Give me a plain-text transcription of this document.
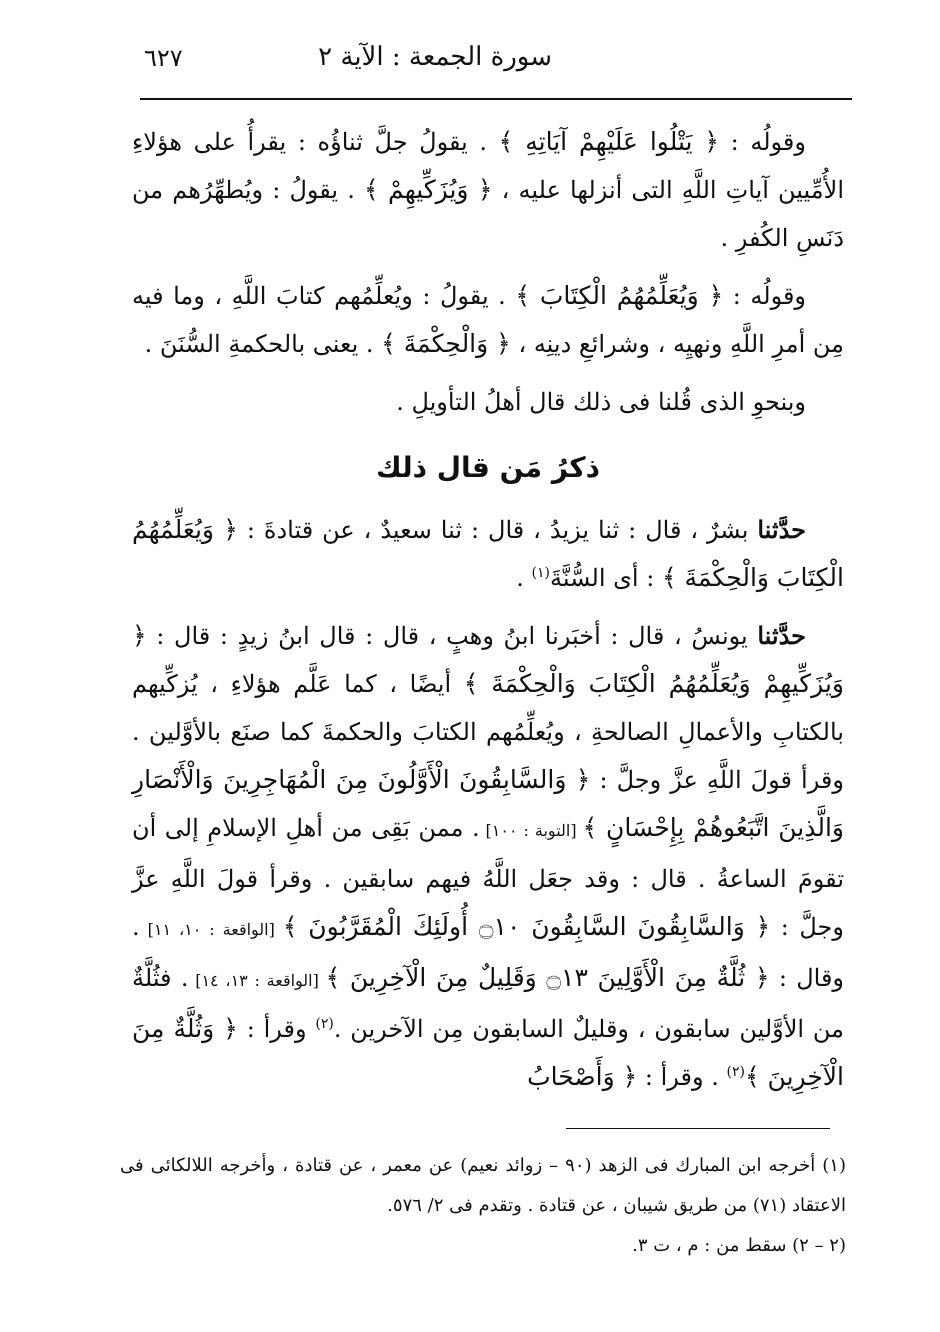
٦٢٧	سورة الجمعة : الآية ٢

وقولُه : ﴿ يَتْلُوا عَلَيْهِمْ آيَاتِهِ ﴾ . يقولُ جلَّ ثناؤُه : يقرأُ على هؤلاءِ الأُمِّيين آياتِ اللَّهِ التى أنزلها عليه ، ﴿ وَيُزَكِّيهِمْ ﴾ . يقولُ : ويُطهِّرُهم من دَنَسِ الكُفرِ .

وقولُه : ﴿ وَيُعَلِّمُهُمُ الْكِتَابَ ﴾ . يقولُ : ويُعلِّمُهم كتابَ اللَّهِ ، وما فيه مِن أمرِ اللَّهِ ونهيِه ، وشرائعِ دينِه ، ﴿ وَالْحِكْمَةَ ﴾ . يعنى بالحكمةِ السُّنَنَ .

وبنحوِ الذى قُلنا فى ذلك قال أهلُ التأويلِ .

ذكرُ مَن قال ذلك

حدَّثنا بشرٌ ، قال : ثنا يزيدُ ، قال : ثنا سعيدٌ ، عن قتادةَ : ﴿ وَيُعَلِّمُهُمُ الْكِتَابَ وَالْحِكْمَةَ ﴾ : أى السُّنَّةَ$^{(١)}$ .

حدَّثنا يونسُ ، قال : أخبَرنا ابنُ وهبٍ ، قال : قال ابنُ زيدٍ : قال : ﴿ وَيُزَكِّيهِمْ وَيُعَلِّمُهُمُ الْكِتَابَ وَالْحِكْمَةَ ﴾ أيضًا ، كما عَلَّم هؤلاءِ ، يُزكِّيهم بالكتابِ والأعمالِ الصالحةِ ، ويُعلِّمُهم الكتابَ والحكمةَ كما صنَع بالأوَّلين . وقرأ قولَ اللَّهِ عزَّ وجلَّ : ﴿ وَالسَّابِقُونَ الْأَوَّلُونَ مِنَ الْمُهَاجِرِينَ وَالْأَنْصَارِ وَالَّذِينَ اتَّبَعُوهُمْ بِإِحْسَانٍ ﴾ [التوبة : ١٠٠] . ممن بَقِى من أهلِ الإسلامِ إلى أن تقومَ الساعةُ . قال : وقد جعَل اللَّهُ فيهم سابقين . وقرأ قولَ اللَّهِ عزَّ وجلَّ : ﴿ وَالسَّابِقُونَ السَّابِقُونَ ۝١٠ أُولَئِكَ الْمُقَرَّبُونَ ﴾ [الواقعة : ١٠، ١١] . وقال : ﴿ ثُلَّةٌ مِنَ الْأَوَّلِينَ ۝١٣ وَقَلِيلٌ مِنَ الْآخِرِينَ ﴾ [الواقعة : ١٣، ١٤] . فثُلَّةٌ من الأوَّلين سابقون ، وقليلٌ السابقون مِن الآخرين .$^{(٢)}$ وقرأ : ﴿ وَثُلَّةٌ مِنَ الْآخِرِينَ ﴾$^{(٢)}$ . وقرأ : ﴿ وَأَصْحَابُ

(١) أخرجه ابن المبارك فى الزهد (٩٠ – زوائد نعيم) عن معمر ، عن قتادة ، وأخرجه اللالكائى فى الاعتقاد (٧١) من طريق شيبان ، عن قتادة . وتقدم فى ٢/ ٥٧٦.

(٢ – ٢) سقط من : م ، ت ٣.
